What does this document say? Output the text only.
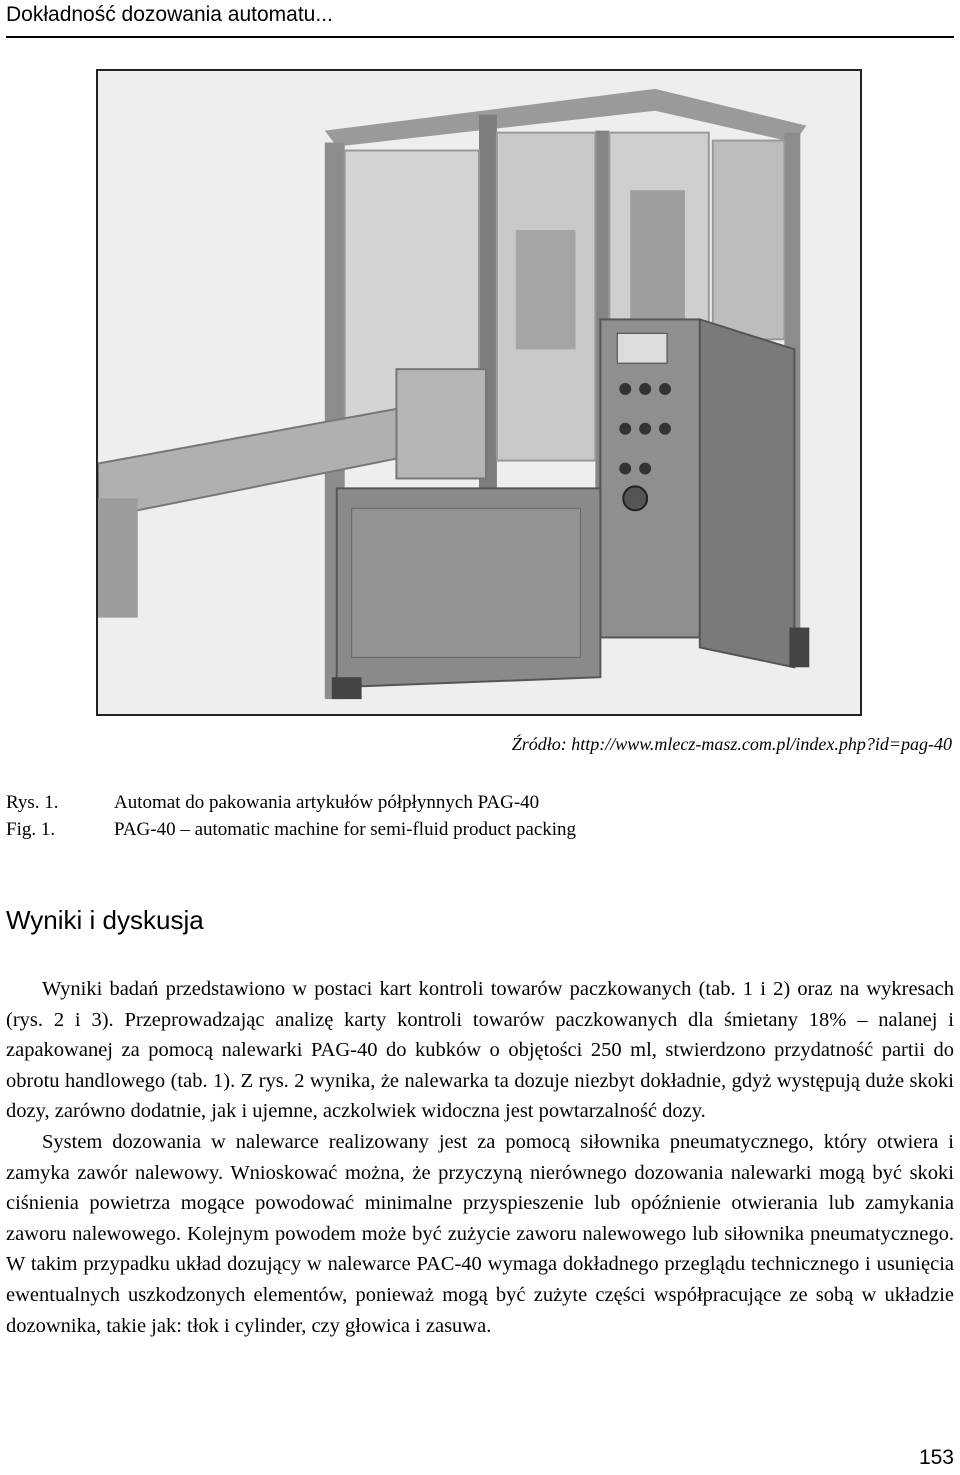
Dokładność dozowania automatu...
Źródło: http://www.mlecz-masz.com.pl/index.php?id=pag-40
Rys. 1.	Automat do pakowania artykułów półpłynnych PAG-40
Fig. 1.	PAG-40 – automatic machine for semi-fluid product packing
Wyniki i dyskusja

Wyniki badań przedstawiono w postaci kart kontroli towarów paczkowanych (tab. 1 i 2) oraz na wykresach (rys. 2 i 3). Przeprowadzając analizę karty kontroli towarów paczkowanych dla śmietany 18% – nalanej i zapakowanej za pomocą nalewarki PAG-40 do kubków o objętości 250 ml, stwierdzono przydatność partii do obrotu handlowego (tab. 1). Z rys. 2 wynika, że nalewarka ta dozuje niezbyt dokładnie, gdyż występują duże skoki dozy, zarówno dodatnie, jak i ujemne, aczkolwiek widoczna jest powtarzalność dozy.

System dozowania w nalewarce realizowany jest za pomocą siłownika pneumatycznego, który otwiera i zamyka zawór nalewowy. Wnioskować można, że przyczyną nierównego dozowania nalewarki mogą być skoki ciśnienia powietrza mogące powodować minimalne przyspieszenie lub opóźnienie otwierania lub zamykania zaworu nalewowego. Kolejnym powodem może być zużycie zaworu nalewowego lub siłownika pneumatycznego. W takim przypadku układ dozujący w nalewarce PAC-40 wymaga dokładnego przeglądu technicznego i usunięcia ewentualnych uszkodzonych elementów, ponieważ mogą być zużyte części współpracujące ze sobą w układzie dozownika, takie jak: tłok i cylinder, czy głowica i zasuwa.

153
